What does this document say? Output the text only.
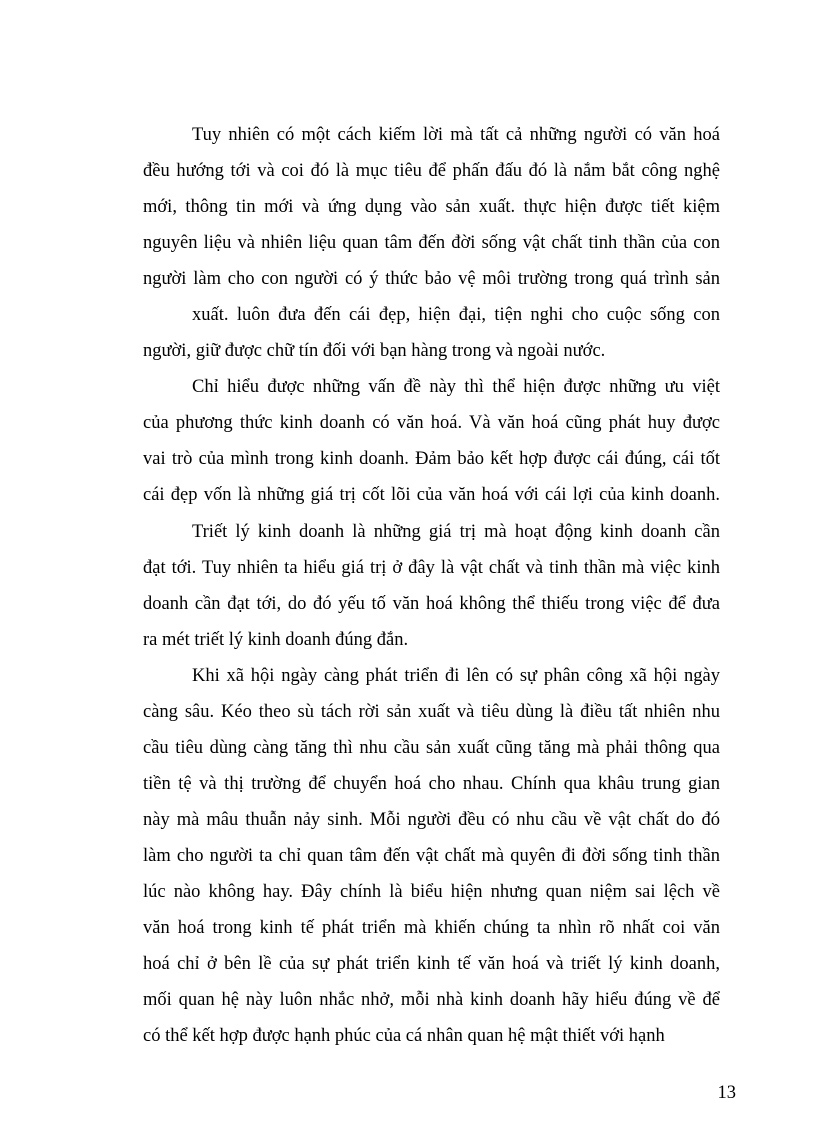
Tuy nhiên có một cách kiếm lời mà tất cả những người có văn hoá
đều hướng tới và coi đó là mục tiêu để phấn đấu đó là nắm bắt công nghệ
mới, thông tin mới và ứng dụng vào sản xuất. thực hiện được tiết kiệm
nguyên liệu và nhiên liệu quan tâm đến đời sống vật chất tinh thần của con
người làm cho con người có ý thức bảo vệ môi trường trong quá trình sản
xuất. luôn đưa đến cái đẹp, hiện đại, tiện nghi cho cuộc sống con
người, giữ được chữ tín đối với bạn hàng trong và ngoài nước.
Chỉ hiểu được những vấn đề này thì thể hiện được những ưu việt
của phương thức kinh doanh có văn hoá. Và văn hoá cũng phát huy được
vai trò của mình trong kinh doanh. Đảm bảo kết hợp được cái đúng, cái tốt
cái đẹp vốn là những giá trị cốt lõi của văn hoá với cái lợi của kinh doanh.
Triết lý kinh doanh là những giá trị mà hoạt động kinh doanh cần
đạt tới. Tuy nhiên ta hiểu giá trị ở đây là vật chất và tinh thần mà việc kinh
doanh cần đạt tới, do đó yếu tố văn hoá không thể thiếu trong việc để đưa
ra mét triết lý kinh doanh đúng đắn.
Khi xã hội ngày càng phát triển đi lên có sự phân công xã hội ngày
càng sâu. Kéo theo sù tách rời sản xuất và tiêu dùng là điều tất nhiên nhu
cầu tiêu dùng càng tăng thì nhu cầu sản xuất cũng tăng mà phải thông qua
tiền tệ và thị trường để chuyển hoá cho nhau. Chính qua khâu trung gian
này mà mâu thuẫn nảy sinh. Mỗi người đều có nhu cầu về vật chất do đó
làm cho người ta chỉ quan tâm đến vật chất mà quyên đi đời sống tinh thần
lúc nào không hay. Đây chính là biểu hiện nhưng quan niệm sai lệch về
văn hoá trong kinh tế phát triển mà khiến chúng ta nhìn rõ nhất coi văn
hoá chỉ ở bên lề của sự phát triển kinh tế văn hoá và triết lý kinh doanh,
mối quan hệ này luôn nhắc nhở, mỗi nhà kinh doanh hãy hiểu đúng về để
có thể kết hợp được hạnh phúc của cá nhân quan hệ mật thiết với hạnh
13
